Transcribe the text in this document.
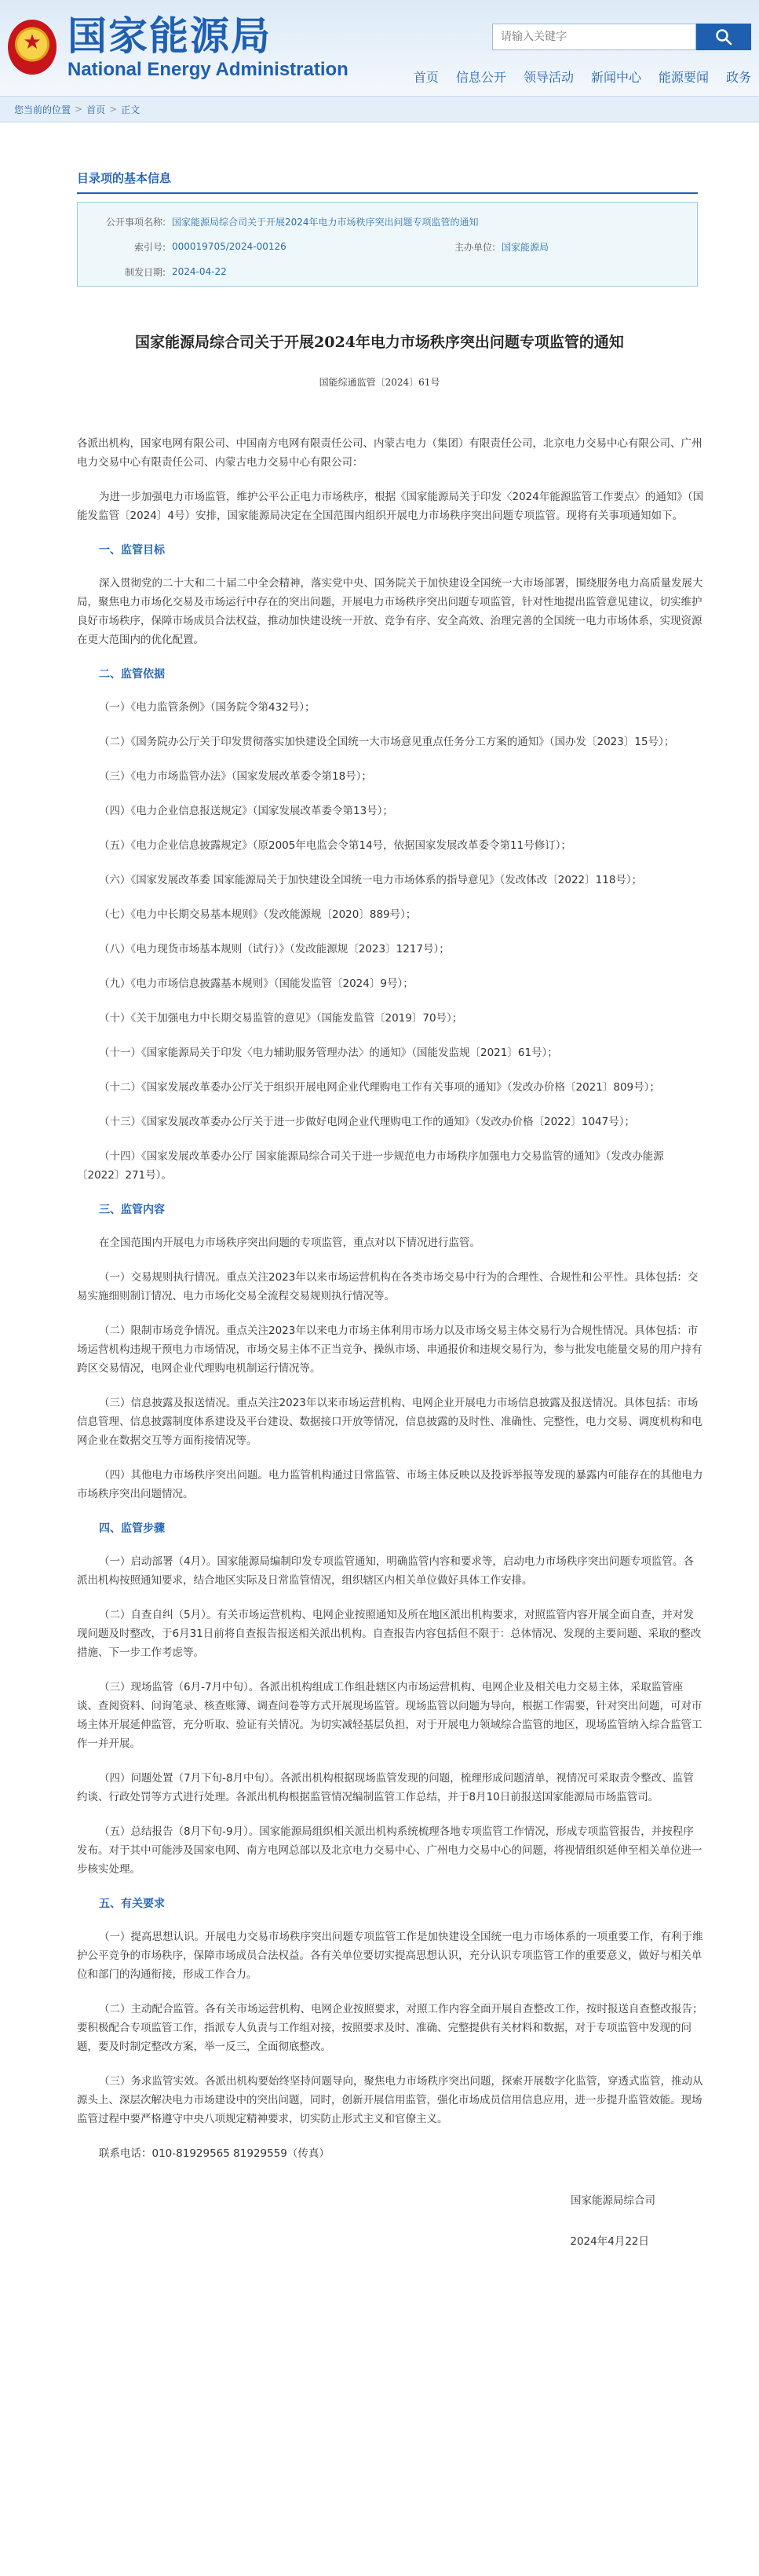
★
国家能源局
National Energy Administration
请输入关键字	首页 信息公开 领导活动 新闻中心 能源要闻 政务
您当前的位置 > 首页 > 正文
目录项的基本信息
公开事项名称: 国家能源局综合司关于开展2024年电力市场秩序突出问题专项监管的通知
索引号: 000019705/2024-00126	主办单位: 国家能源局
制发日期: 2024-04-22
国家能源局综合司关于开展2024年电力市场秩序突出问题专项监管的通知
国能综通监管〔2024〕61号

各派出机构，国家电网有限公司、中国南方电网有限责任公司、内蒙古电力（集团）有限责任公司，北京电力交易中心有限公司、广州电力交易中心有限责任公司、内蒙古电力交易中心有限公司：

为进一步加强电力市场监管，维护公平公正电力市场秩序，根据《国家能源局关于印发〈2024年能源监管工作要点〉的通知》（国能发监管〔2024〕4号）安排，国家能源局决定在全国范围内组织开展电力市场秩序突出问题专项监管。现将有关事项通知如下。

一、监管目标

深入贯彻党的二十大和二十届二中全会精神，落实党中央、国务院关于加快建设全国统一大市场部署，围绕服务电力高质量发展大局，聚焦电力市场化交易及市场运行中存在的突出问题，开展电力市场秩序突出问题专项监管，针对性地提出监管意见建议，切实维护良好市场秩序，保障市场成员合法权益，推动加快建设统一开放、竞争有序、安全高效、治理完善的全国统一电力市场体系，实现资源在更大范围内的优化配置。

二、监管依据

（一）《电力监管条例》（国务院令第432号）；

（二）《国务院办公厅关于印发贯彻落实加快建设全国统一大市场意见重点任务分工方案的通知》（国办发〔2023〕15号）；

（三）《电力市场监管办法》（国家发展改革委令第18号）；

（四）《电力企业信息报送规定》（国家发展改革委令第13号）；

（五）《电力企业信息披露规定》（原2005年电监会令第14号，依据国家发展改革委令第11号修订）；

（六）《国家发展改革委 国家能源局关于加快建设全国统一电力市场体系的指导意见》（发改体改〔2022〕118号）；

（七）《电力中长期交易基本规则》（发改能源规〔2020〕889号）；

（八）《电力现货市场基本规则（试行）》（发改能源规〔2023〕1217号）；

（九）《电力市场信息披露基本规则》（国能发监管〔2024〕9号）；

（十）《关于加强电力中长期交易监管的意见》（国能发监管〔2019〕70号）；

（十一）《国家能源局关于印发〈电力辅助服务管理办法〉的通知》（国能发监规〔2021〕61号）；

（十二）《国家发展改革委办公厅关于组织开展电网企业代理购电工作有关事项的通知》（发改办价格〔2021〕809号）；

（十三）《国家发展改革委办公厅关于进一步做好电网企业代理购电工作的通知》（发改办价格〔2022〕1047号）；

（十四）《国家发展改革委办公厅 国家能源局综合司关于进一步规范电力市场秩序加强电力交易监管的通知》（发改办能源〔2022〕271号）。

三、监管内容

在全国范围内开展电力市场秩序突出问题的专项监管，重点对以下情况进行监管。

（一）交易规则执行情况。重点关注2023年以来市场运营机构在各类市场交易中行为的合理性、合规性和公平性。具体包括：交易实施细则制订情况、电力市场化交易全流程交易规则执行情况等。

（二）限制市场竞争情况。重点关注2023年以来电力市场主体利用市场力以及市场交易主体交易行为合规性情况。具体包括：市场运营机构违规干预电力市场情况，市场交易主体不正当竞争、操纵市场、串通报价和违规交易行为，参与批发电能量交易的用户持有跨区交易情况，电网企业代理购电机制运行情况等。

（三）信息披露及报送情况。重点关注2023年以来市场运营机构、电网企业开展电力市场信息披露及报送情况。具体包括：市场信息管理、信息披露制度体系建设及平台建设、数据接口开放等情况，信息披露的及时性、准确性、完整性，电力交易、调度机构和电网企业在数据交互等方面衔接情况等。

（四）其他电力市场秩序突出问题。电力监管机构通过日常监管、市场主体反映以及投诉举报等发现的暴露内可能存在的其他电力市场秩序突出问题情况。

四、监管步骤

（一）启动部署（4月）。国家能源局编制印发专项监管通知，明确监管内容和要求等，启动电力市场秩序突出问题专项监管。各派出机构按照通知要求，结合地区实际及日常监管情况，组织辖区内相关单位做好具体工作安排。

（二）自查自纠（5月）。有关市场运营机构、电网企业按照通知及所在地区派出机构要求，对照监管内容开展全面自查，并对发现问题及时整改，于6月31日前将自查报告报送相关派出机构。自查报告内容包括但不限于：总体情况、发现的主要问题、采取的整改措施、下一步工作考虑等。

（三）现场监管（6月-7月中旬）。各派出机构组成工作组赴辖区内市场运营机构、电网企业及相关电力交易主体，采取监管座谈、查阅资料、问询笔录、核查账簿、调查问卷等方式开展现场监管。现场监管以问题为导向，根据工作需要，针对突出问题，可对市场主体开展延伸监管，充分听取、验证有关情况。为切实减轻基层负担，对于开展电力领域综合监管的地区，现场监管纳入综合监管工作一并开展。

（四）问题处置（7月下旬-8月中旬）。各派出机构根据现场监管发现的问题，梳理形成问题清单，视情况可采取责令整改、监管约谈、行政处罚等方式进行处理。各派出机构根据监管情况编制监管工作总结，并于8月10日前报送国家能源局市场监管司。

（五）总结报告（8月下旬-9月）。国家能源局组织相关派出机构系统梳理各地专项监管工作情况，形成专项监管报告，并按程序发布。对于其中可能涉及国家电网、南方电网总部以及北京电力交易中心、广州电力交易中心的问题，将视情组织延伸至相关单位进一步核实处理。

五、有关要求

（一）提高思想认识。开展电力交易市场秩序突出问题专项监管工作是加快建设全国统一电力市场体系的一项重要工作，有利于维护公平竞争的市场秩序，保障市场成员合法权益。各有关单位要切实提高思想认识，充分认识专项监管工作的重要意义，做好与相关单位和部门的沟通衔接，形成工作合力。

（二）主动配合监管。各有关市场运营机构、电网企业按照要求，对照工作内容全面开展自查整改工作，按时报送自查整改报告；要积极配合专项监管工作，指派专人负责与工作组对接，按照要求及时、准确、完整提供有关材料和数据，对于专项监管中发现的问题，要及时制定整改方案，举一反三，全面彻底整改。

（三）务求监管实效。各派出机构要始终坚持问题导向，聚焦电力市场秩序突出问题，探索开展数字化监管，穿透式监管，推动从源头上、深层次解决电力市场建设中的突出问题，同时，创新开展信用监管，强化市场成员信用信息应用，进一步提升监管效能。现场监管过程中要严格遵守中央八项规定精神要求，切实防止形式主义和官僚主义。

联系电话：010-81929565 81929559（传真）

国家能源局综合司
2024年4月22日
